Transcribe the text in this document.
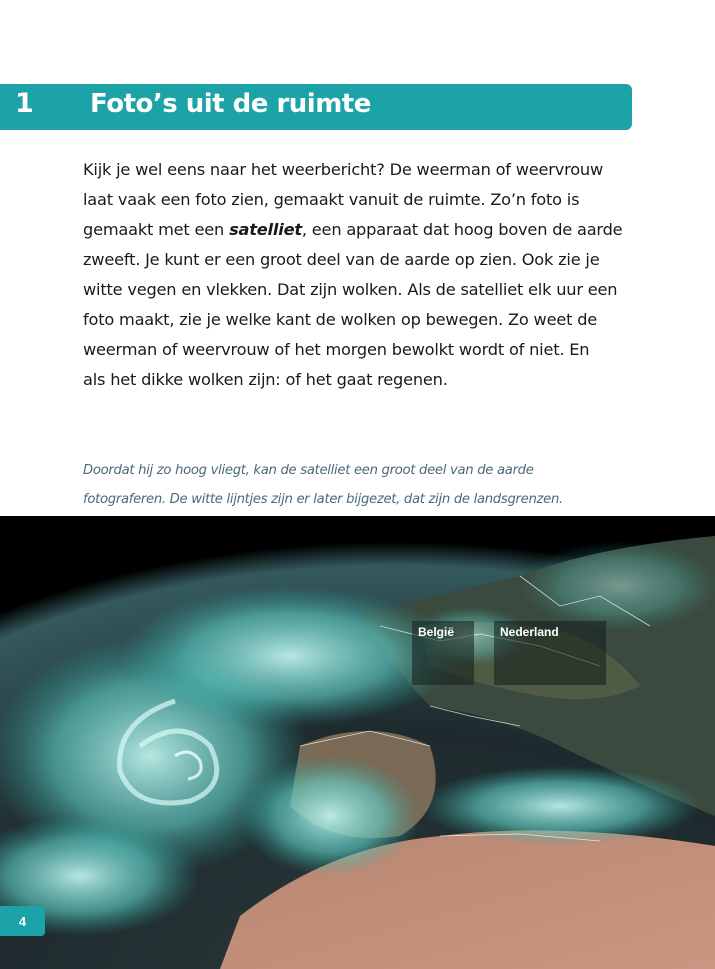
1 Foto’s uit de ruimte

Kijk je wel eens naar het weerbericht? De weerman of weervrouw

laat vaak een foto zien, gemaakt vanuit de ruimte. Zo’n foto is

gemaakt met een satelliet, een apparaat dat hoog boven de aarde

zweeft. Je kunt er een groot deel van de aarde op zien. Ook zie je

witte vegen en vlekken. Dat zijn wolken. Als de satelliet elk uur een

foto maakt, zie je welke kant de wolken op bewegen. Zo weet de

weerman of weervrouw of het morgen bewolkt wordt of niet. En

als het dikke wolken zijn: of het gaat regenen.

Doordat hij zo hoog vliegt, kan de satelliet een groot deel van de aarde

fotograferen. De witte lijntjes zijn er later bijgezet, dat zijn de landsgrenzen.

België	Nederland
4
